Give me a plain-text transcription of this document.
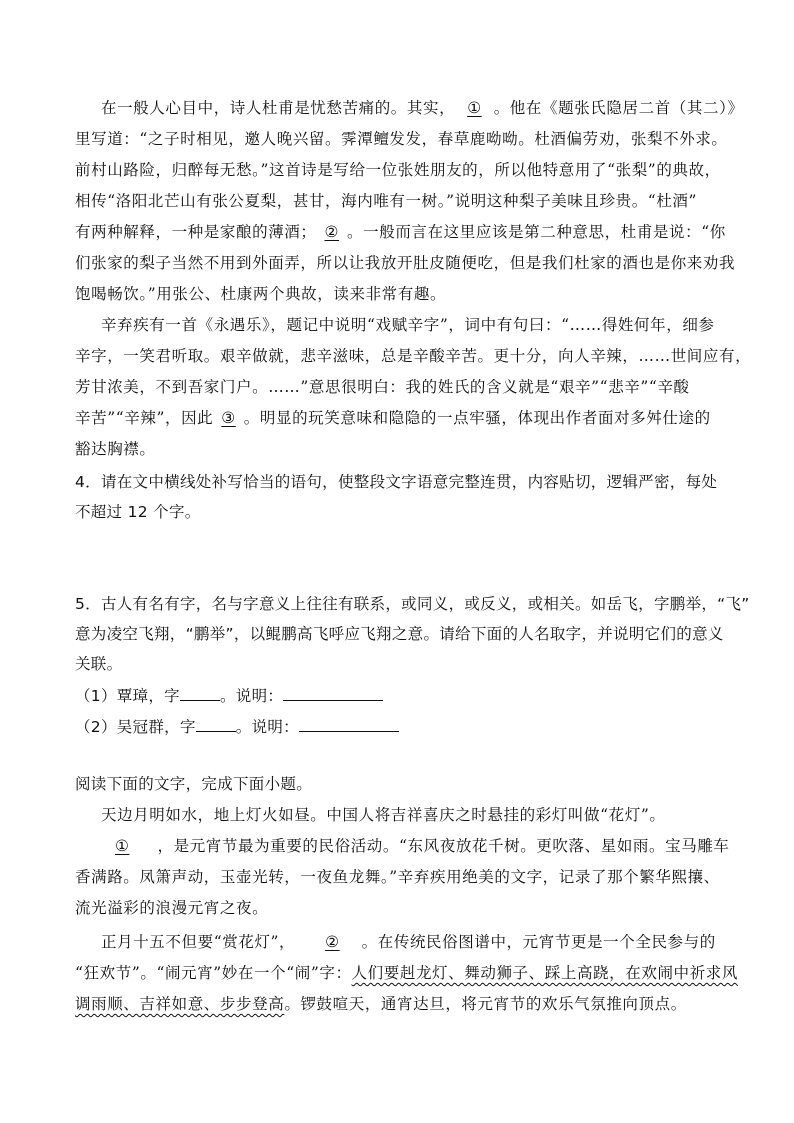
在一般人心目中，诗人杜甫是忧愁苦痛的。其实， ① 。他在《题张氏隐居二首（其二）》
里写道：“之子时相见，邀人晚兴留。霁潭鳣发发，春草鹿呦呦。杜酒偏劳劝，张梨不外求。
前村山路险，归醉每无愁。”这首诗是写给一位张姓朋友的，所以他特意用了“张梨”的典故，
相传“洛阳北芒山有张公夏梨，甚甘，海内唯有一树。”说明这种梨子美味且珍贵。“杜酒”
有两种解释，一种是家酿的薄酒； ② 。一般而言在这里应该是第二种意思，杜甫是说：“你
们张家的梨子当然不用到外面弄，所以让我放开肚皮随便吃，但是我们杜家的酒也是你来劝我
饱喝畅饮。”用张公、杜康两个典故，读来非常有趣。
辛弃疾有一首《永遇乐》，题记中说明“戏赋辛字”，词中有句曰：“……得姓何年，细参
辛字，一笑君听取。艰辛做就，悲辛滋味，总是辛酸辛苦。更十分，向人辛辣，……世间应有，
芳甘浓美，不到吾家门户。……”意思很明白：我的姓氏的含义就是“艰辛”“悲辛”“辛酸
辛苦”“辛辣”，因此 ③ 。明显的玩笑意味和隐隐的一点牢骚，体现出作者面对多舛仕途的
豁达胸襟。
4．请在文中横线处补写恰当的语句，使整段文字语意完整连贯，内容贴切，逻辑严密，每处
不超过 12 个字。
5．古人有名有字，名与字意义上往往有联系，或同义，或反义，或相关。如岳飞，字鹏举，“飞”
意为凌空飞翔，“鹏举”，以鲲鹏高飞呼应飞翔之意。请给下面的人名取字，并说明它们的意义
关联。
（1）覃璋，字	。说明：
（2）吴冠群，字	。说明：
阅读下面的文字，完成下面小题。
天边月明如水，地上灯火如昼。中国人将吉祥喜庆之时悬挂的彩灯叫做“花灯”。
① ，是元宵节最为重要的民俗活动。“东风夜放花千树。更吹落、星如雨。宝马雕车
香满路。凤箫声动，玉壶光转，一夜鱼龙舞。”辛弃疾用绝美的文字，记录了那个繁华熙攘、
流光溢彩的浪漫元宵之夜。
正月十五不但要“赏花灯”， ② 。在传统民俗图谱中，元宵节更是一个全民参与的
“狂欢节”。“闹元宵”妙在一个“闹”字：人们要赳龙灯、舞动狮子、踩上高跷，在欢闹中祈求风
调雨顺、吉祥如意、步步登高。锣鼓喧天，通宵达旦，将元宵节的欢乐气氛推向顶点。
